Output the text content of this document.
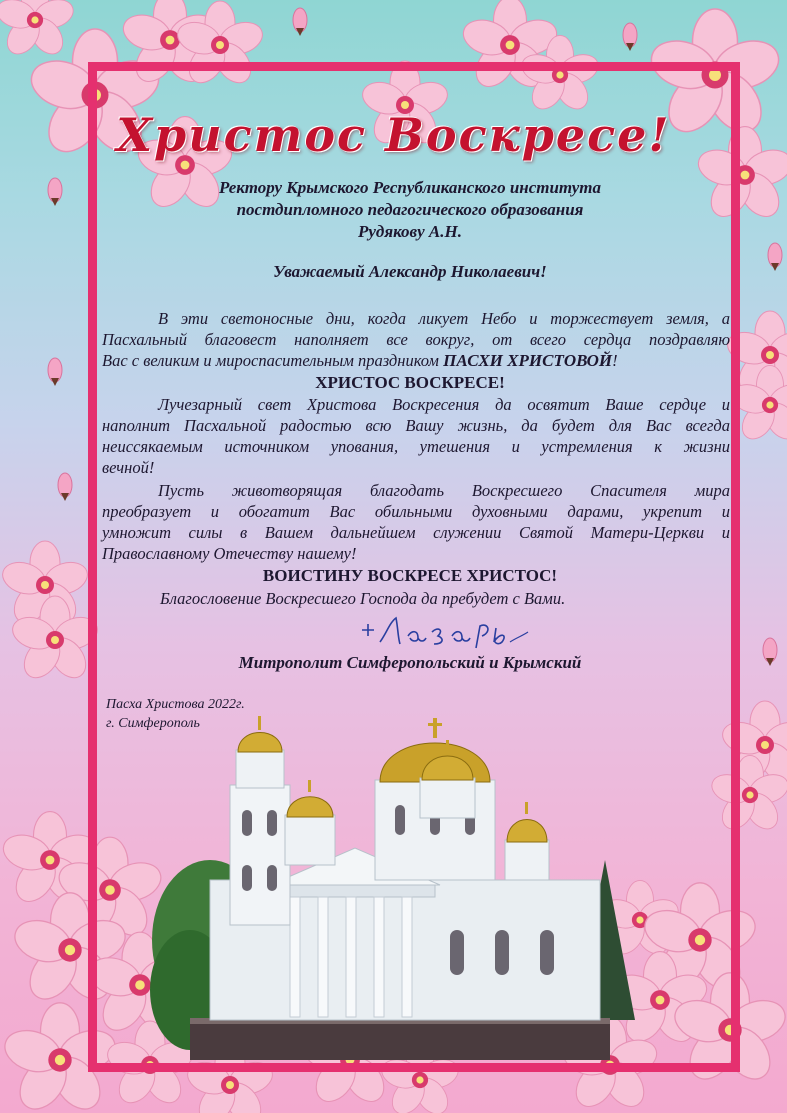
Христос Воскресе!
Ректору Крымского Республиканского института
постдипломного педагогического образования
Рудякову А.Н.
Уважаемый Александр Николаевич!
В эти светоносные дни, когда ликует Небо и торжествует земля, а
Пасхальный благовест наполняет все вокруг, от всего сердца поздравляю
Вас с великим и мироспасительным праздником ПАСХИ ХРИСТОВОЙ!
ХРИСТОС ВОСКРЕСЕ!
Лучезарный свет Христова Воскресения да освятит Ваше сердце и
наполнит Пасхальной радостью всю Вашу жизнь, да будет для Вас всегда
неиссякаемым источником упования, утешения и устремления к жизни
вечной!
Пусть животворящая благодать Воскресшего Спасителя мира
преобразует и обогатит Вас обильными духовными дарами, укрепит и
умножит силы в Вашем дальнейшем служении Святой Матери-Церкви и
Православному Отечеству нашему!
ВОИСТИНУ ВОСКРЕСЕ ХРИСТОС!
Благословение Воскресшего Господа да пребудет с Вами.
Митрополит Симферопольский и Крымский
Пасха Христова 2022г.
г. Симферополь
